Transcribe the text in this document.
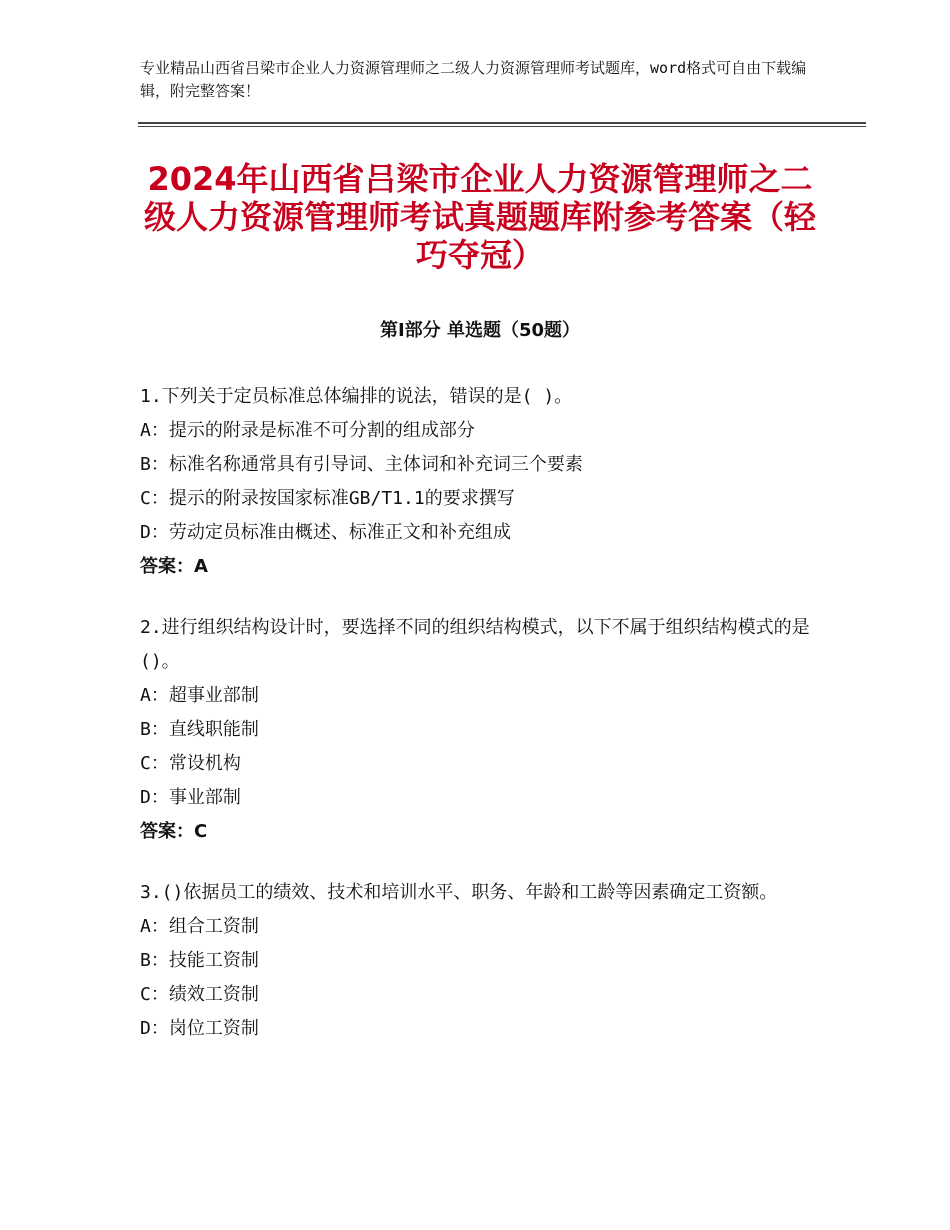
专业精品山西省吕梁市企业人力资源管理师之二级人力资源管理师考试题库，word格式可自由下载编辑，附完整答案！
2024年山西省吕梁市企业人力资源管理师之二级人力资源管理师考试真题题库附参考答案（轻巧夺冠）
第Ⅰ部分 单选题（50题）

1.下列关于定员标准总体编排的说法，错误的是( )。

A：提示的附录是标准不可分割的组成部分

B：标准名称通常具有引导词、主体词和补充词三个要素

C：提示的附录按国家标准GB/T1.1的要求撰写

D：劳动定员标准由概述、标准正文和补充组成

答案：A

2.进行组织结构设计时，要选择不同的组织结构模式，以下不属于组织结构模式的是()。

A：超事业部制

B：直线职能制

C：常设机构

D：事业部制

答案：C

3.()依据员工的绩效、技术和培训水平、职务、年龄和工龄等因素确定工资额。

A：组合工资制

B：技能工资制

C：绩效工资制

D：岗位工资制
